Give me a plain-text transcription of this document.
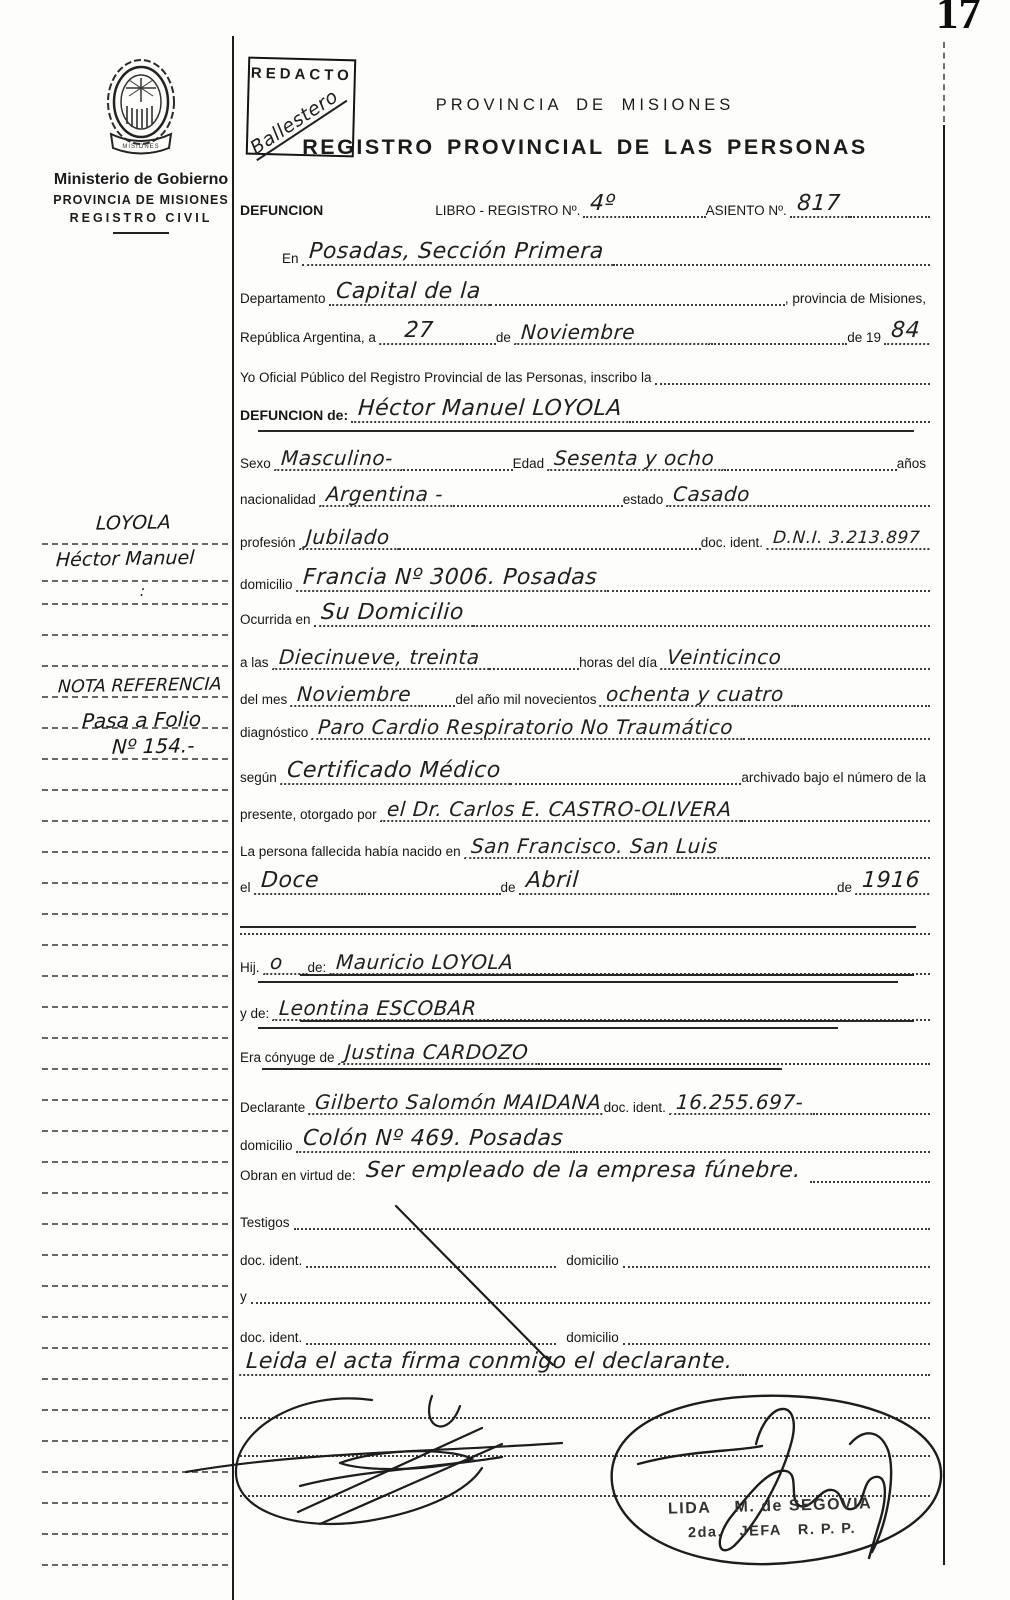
17
MISIONES
Ministerio de Gobierno
PROVINCIA DE MISIONES
REGISTRO CIVIL
REDACTO
Ballestero	PROVINCIA DE MISIONES
REGISTRO PROVINCIAL DE LAS PERSONAS
DEFUNCION	LIBRO - REGISTRO Nº. 4º	ASIENTO Nº. 817
En Posadas, Sección Primera
Departamento Capital de la	, provincia de Misiones,
República Argentina, a	27	de Noviembre	de 19 84
Yo Oficial Público del Registro Provincial de las Personas, inscribo la
DEFUNCION de: Héctor Manuel LOYOLA
Sexo Masculino-	Edad Sesenta y ocho	años
nacionalidad Argentina -	estado Casado
profesión Jubilado	doc. ident. D.N.I. 3.213.897
domicilio Francia Nº 3006. Posadas
Ocurrida en Su Domicilio
a las Diecinueve, treinta	horas del día Veinticinco
del mes Noviembre	del año mil novecientos ochenta y cuatro
diagnóstico Paro Cardio Respiratorio No Traumático
según Certificado Médico	archivado bajo el número de la
presente, otorgado por el Dr. Carlos E. CASTRO-OLIVERA
La persona fallecida había nacido en San Francisco. San Luis
el Doce	de Abril	de 1916
Hij. o	de: Mauricio LOYOLA
y de: Leontina ESCOBAR
Era cónyuge de Justina CARDOZO
Declarante Gilberto Salomón MAIDANA doc. ident. 16.255.697-
domicilio Colón Nº 469. Posadas
Obran en virtud de: Ser empleado de la empresa fúnebre.
Testigos
doc. ident.	domicilio
y
doc. ident.	domicilio
Leida el acta firma conmigo el declarante.
LOYOLA
Héctor Manuel
:
NOTA REFERENCIA
Pasa a Folio
Nº 154.-
LIDA    M. de SEGOVIA
2da.   JEFA   R. P. P.
